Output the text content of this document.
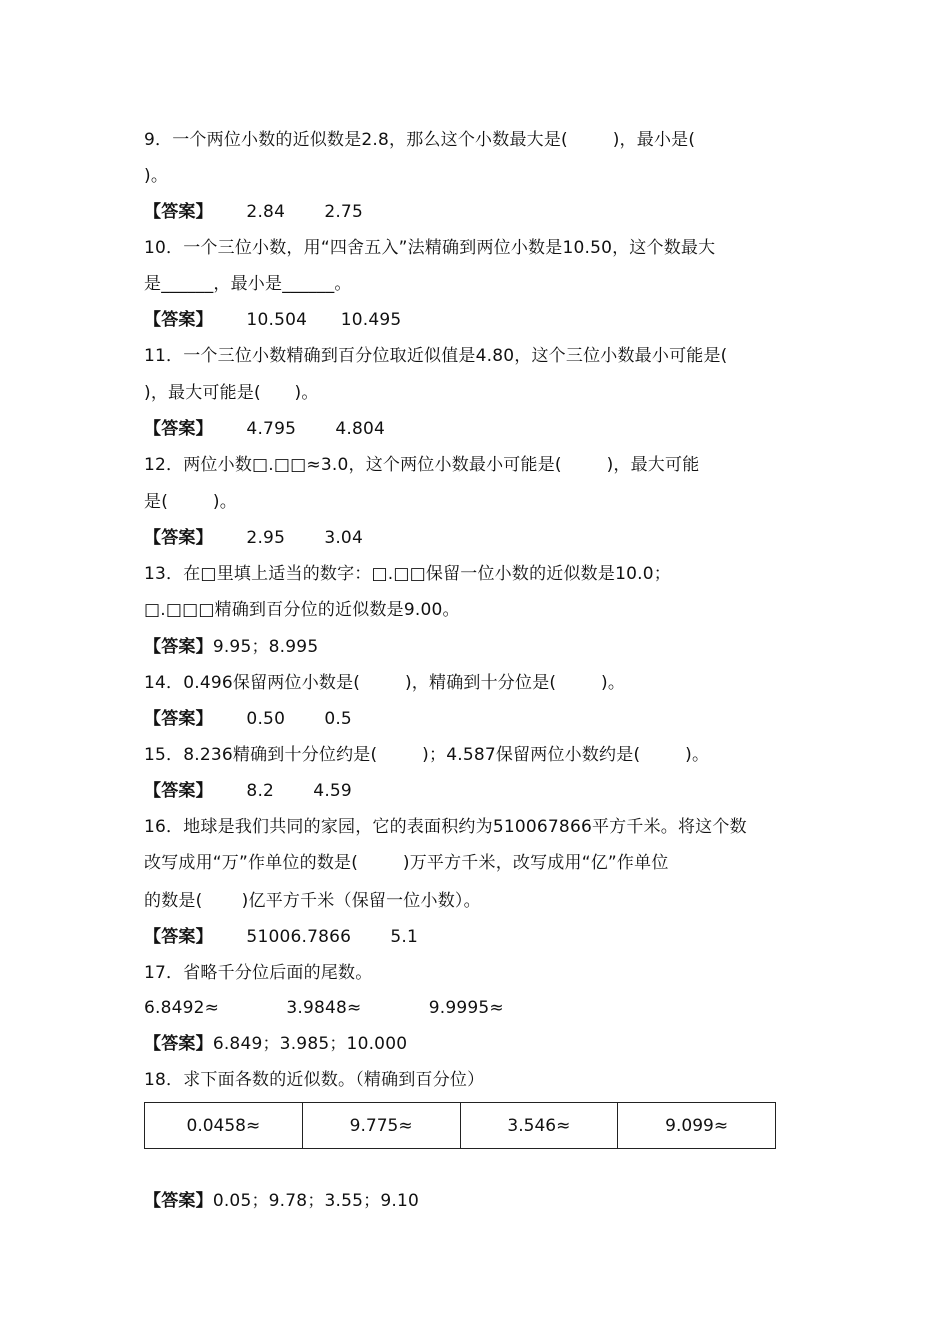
9．一个两位小数的近似数是2.8，那么这个小数最大是(        )，最小是(
)。
【答案】      2.84       2.75
10．一个三位小数，用“四舍五入”法精确到两位小数是10.50，这个数最大
是______，最小是______。
【答案】      10.504      10.495
11．一个三位小数精确到百分位取近似值是4.80，这个三位小数最小可能是(
)，最大可能是(      )。
【答案】      4.795       4.804
12．两位小数□.□□≈3.0，这个两位小数最小可能是(        )，最大可能
是(        )。
【答案】      2.95       3.04
13．在□里填上适当的数字：□.□□保留一位小数的近似数是10.0；
□.□□□精确到百分位的近似数是9.00。
【答案】9.95；8.995
14．0.496保留两位小数是(        )，精确到十分位是(        )。
【答案】      0.50       0.5
15．8.236精确到十分位约是(        )；4.587保留两位小数约是(        )。
【答案】      8.2       4.59
16．地球是我们共同的家园，它的表面积约为510067866平方千米。将这个数
改写成用“万”作单位的数是(        )万平方千米，改写成用“亿”作单位
的数是(       )亿平方千米（保留一位小数）。
【答案】      51006.7866       5.1
17．省略千分位后面的尾数。
6.8492≈            3.9848≈            9.9995≈
【答案】6.849；3.985；10.000
18．求下面各数的近似数。（精确到百分位）
【答案】0.05；9.78；3.55；9.10
0.0458≈	9.775≈	3.546≈	9.099≈
